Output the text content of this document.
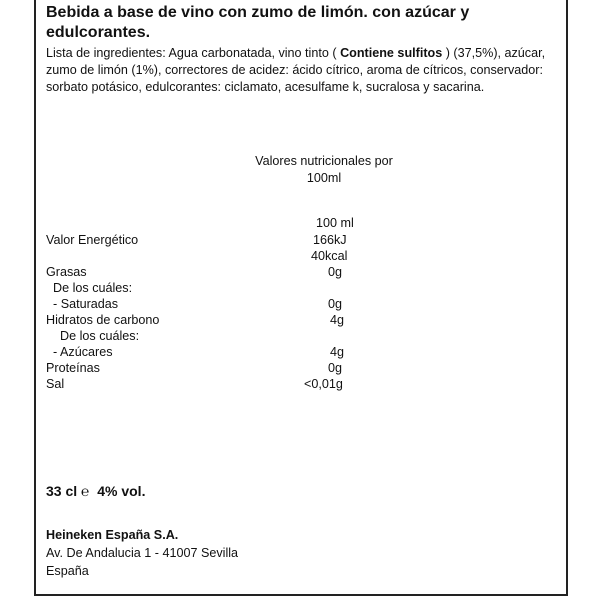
Bebida a base de vino con zumo de limón. con azúcar y edulcorantes.
Lista de ingredientes: Agua carbonatada, vino tinto ( Contiene sulfitos ) (37,5%), azúcar, zumo de limón (1%), correctores de acidez: ácido cítrico, aroma de cítricos, conservador: sorbato potásico, edulcorantes: ciclamato, acesulfame k, sucralosa y sacarina.
Valores nutricionales por 100ml
100 ml
Valor Energético	166kJ
40kcal
Grasas	0g
De los cuáles:
- Saturadas	0g
Hidratos de carbono	4g
De los cuáles:
- Azúcares	4g
Proteínas	0g
Sal	<0,01g
33 cl ℮ 4% vol.
Heineken España S.A.
Av. De Andalucia 1 - 41007 Sevilla
España
